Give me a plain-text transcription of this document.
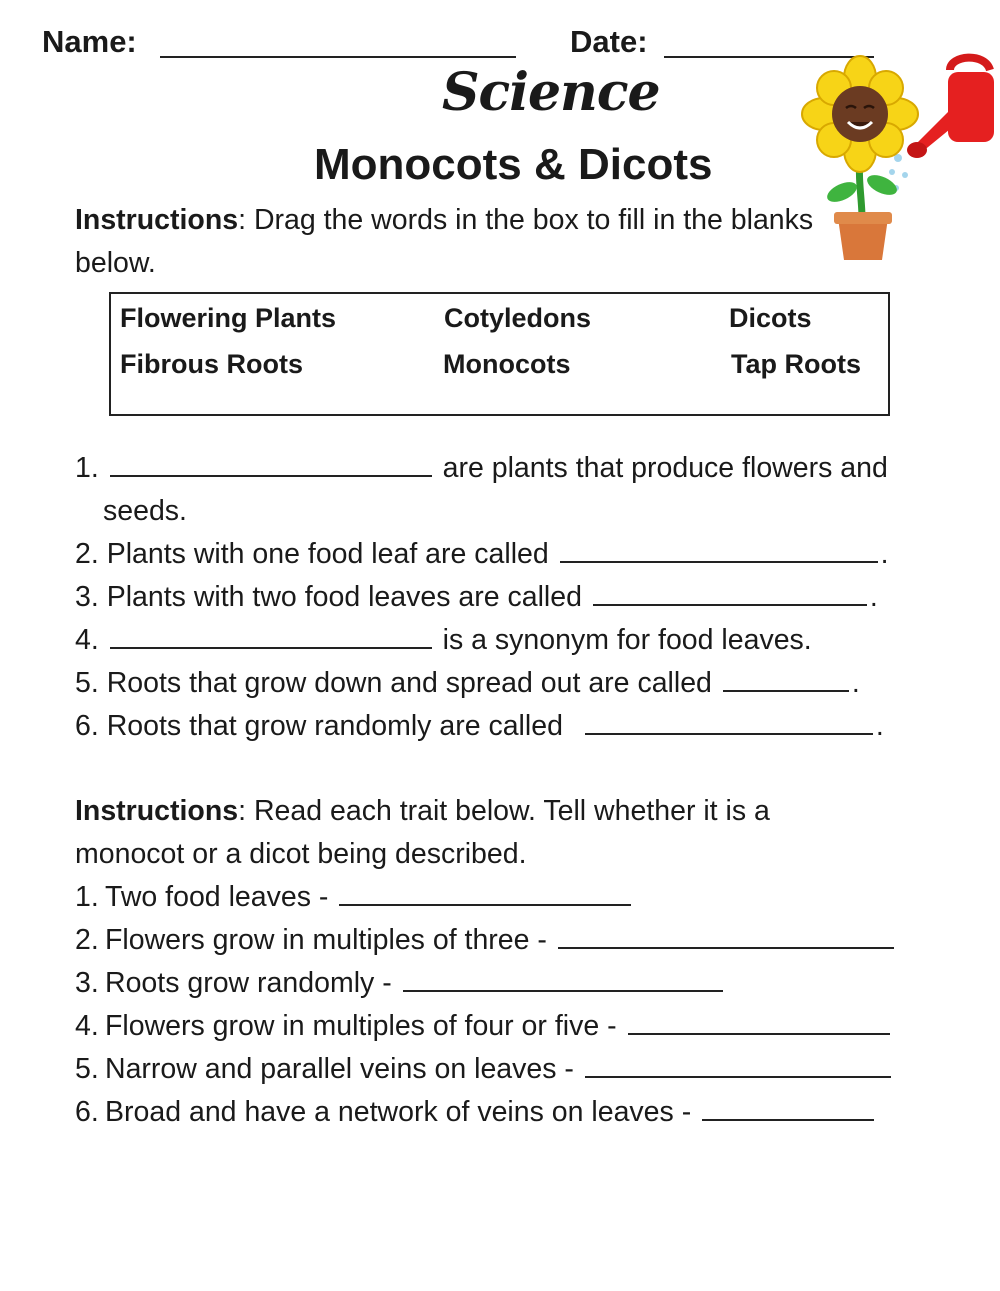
Name:	Date:
Science
Monocots & Dicots
Instructions: Drag the words in the box to fill in the blanks below.
Flowering Plants	Cotyledons	Dicots
Fibrous Roots	Monocots	Tap Roots
1.	are plants that produce flowers and
seeds.
2. Plants with one food leaf are called	.
3. Plants with two food leaves are called	.
4.	is a synonym for food leaves.
5. Roots that grow down and spread out are called	.
6. Roots that grow randomly are called	.
Instructions: Read each trait below. Tell whether it is a monocot or a dicot being described.
1. Two food leaves -
2. Flowers grow in multiples of three -
3. Roots grow randomly -
4. Flowers grow in multiples of four or five -
5. Narrow and parallel veins on leaves -
6. Broad and have a network of veins on leaves -
